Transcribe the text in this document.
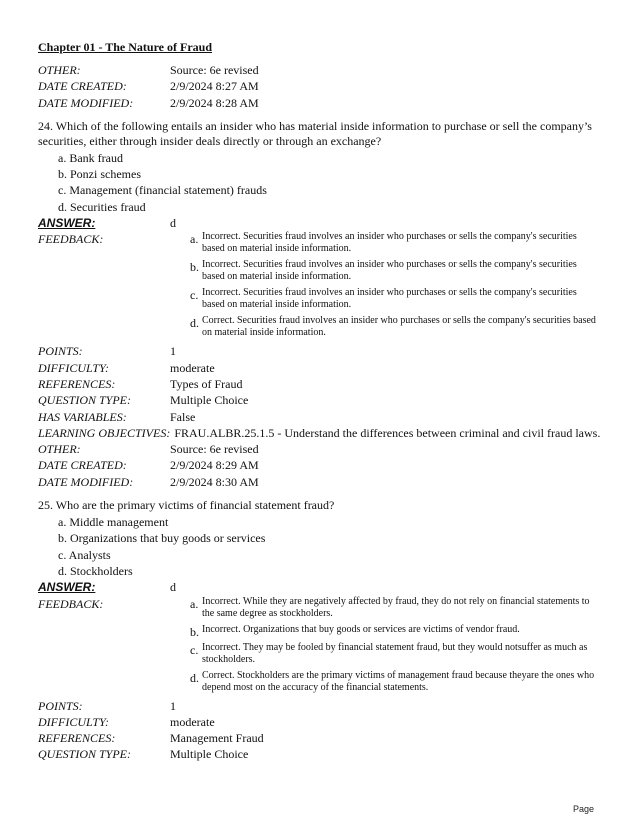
Chapter 01 - The Nature of Fraud
OTHER:	Source: 6e revised
DATE CREATED:	2/9/2024 8:27 AM
DATE MODIFIED:	2/9/2024 8:28 AM
24. Which of the following entails an insider who has material inside information to purchase or sell the company’s securities, either through insider deals directly or through an exchange?
a. Bank fraud
b. Ponzi schemes
c. Management (financial statement) frauds
d. Securities fraud
ANSWER:	d
FEEDBACK:	a. Incorrect. Securities fraud involves an insider who purchases or sells the company's securities based on material inside information.
b. Incorrect. Securities fraud involves an insider who purchases or sells the company's securities based on material inside information.
c. Incorrect. Securities fraud involves an insider who purchases or sells the company's securities based on material inside information.
d. Correct. Securities fraud involves an insider who purchases or sells the company's securities based on material inside information.
POINTS:	1
DIFFICULTY:	moderate
REFERENCES:	Types of Fraud
QUESTION TYPE:	Multiple Choice
HAS VARIABLES:	False
LEARNING OBJECTIVES: FRAU.ALBR.25.1.5 - Understand the differences between criminal and civil fraud laws.
OTHER:	Source: 6e revised
DATE CREATED:	2/9/2024 8:29 AM
DATE MODIFIED:	2/9/2024 8:30 AM
25. Who are the primary victims of financial statement fraud?
a. Middle management
b. Organizations that buy goods or services
c. Analysts
d. Stockholders
ANSWER:	d
FEEDBACK:	a. Incorrect. While they are negatively affected by fraud, they do not rely on financial statements to the same degree as stockholders.
b. Incorrect. Organizations that buy goods or services are victims of vendor fraud.
c. Incorrect. They may be fooled by financial statement fraud, but they would notsuffer as much as stockholders.
d. Correct. Stockholders are the primary victims of management fraud because theyare the ones who depend most on the accuracy of the financial statements.
POINTS:	1
DIFFICULTY:	moderate
REFERENCES:	Management Fraud
QUESTION TYPE:	Multiple Choice
Page
